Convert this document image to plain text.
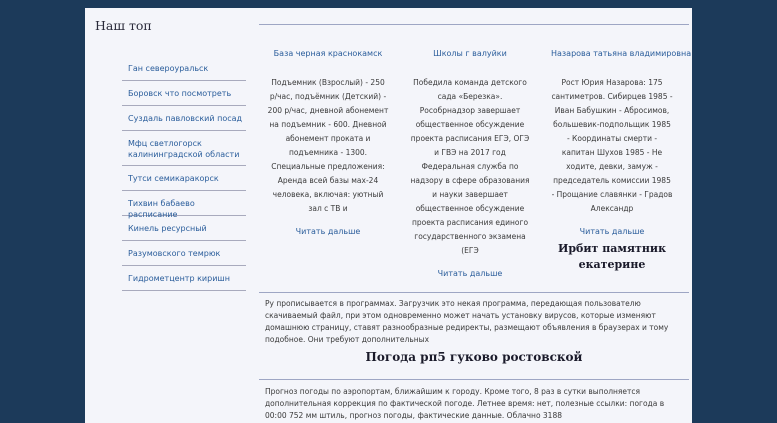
Наш топ
Ган североуральск
Боровск что посмотреть
Суздаль павловский посад
Мфц светлогорск калининградской области
Тутси семикаракорск
Тихвин бабаево расписание
Кинель ресурсный
Разумовского темрюк
Гидрометцентр киришн
База черная краснокамск
Подъемник (Взрослый) - 250 р/час, подъёмник (Детский) - 200 р/час, дневной абонемент на подъемник - 600. Дневной абонемент проката и подъемника - 1300. Специальные предложения: Аренда всей базы мах-24 человека, включая: уютный зал с ТВ и
Читать дальше
Школы г валуйки
Победила команда детского сада «Березка». Рособрнадзор завершает общественное обсуждение проекта расписания ЕГЭ, ОГЭ и ГВЭ на 2017 год Федеральная служба по надзору в сфере образования и науки завершает общественное обсуждение проекта расписания единого государственного экзамена (ЕГЭ
Читать дальше
Назарова татьяна владимировна
Рост Юрия Назарова: 175 сантиметров. Сибирцев 1985 - Иван Бабушкин - Абросимов, большевик-подпольщик 1985 - Координаты смерти - капитан Шухов 1985 - Не ходите, девки, замуж - председатель комиссии 1985 - Прощание славянки - Градов Александр
Читать дальше
Ирбит памятник екатерине
Ру прописывается в программах. Загрузчик это некая программа, передающая пользователю скачиваемый файл, при этом одновременно может начать установку вирусов, которые изменяют домашнюю страницу, ставят разнообразные редиректы, размещают объявления в браузерах и тому подобное. Они требуют дополнительных
Погода рп5 гуково ростовской
Прогноз погоды по аэропортам, ближайшим к городу. Кроме того, 8 раз в сутки выполняется дополнительная коррекция по фактической погоде. Летнее время: нет, полезные ссылки: погода в 00:00 752 мм штиль, прогноз погоды, фактические данные. Облачно 3188
